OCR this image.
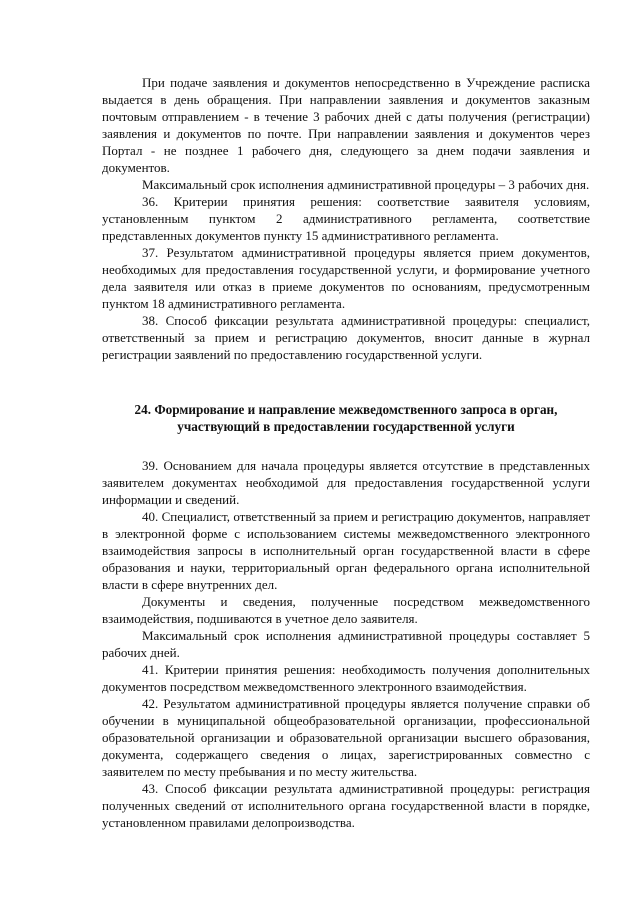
При подаче заявления и документов непосредственно в Учреждение расписка выдается в день обращения. При направлении заявления и документов заказным почтовым отправлением - в течение 3 рабочих дней с даты получения (регистрации) заявления и документов по почте. При направлении заявления и документов через Портал - не позднее 1 рабочего дня, следующего за днем подачи заявления и документов.

Максимальный срок исполнения административной процедуры – 3 рабочих дня.

36. Критерии принятия решения: соответствие заявителя условиям, установленным пунктом 2 административного регламента, соответствие представленных документов пункту 15 административного регламента.

37. Результатом административной процедуры является прием документов, необходимых для предоставления государственной услуги, и формирование учетного дела заявителя или отказ в приеме документов по основаниям, предусмотренным пунктом 18 административного регламента.

38. Способ фиксации результата административной процедуры: специалист, ответственный за прием и регистрацию документов, вносит данные в журнал регистрации заявлений по предоставлению государственной услуги.

24. Формирование и направление межведомственного запроса в орган,
участвующий в предоставлении государственной услуги

39. Основанием для начала процедуры является отсутствие в представленных заявителем документах необходимой для предоставления государственной услуги информации и сведений.

40. Специалист, ответственный за прием и регистрацию документов, направляет в электронной форме с использованием системы межведомственного электронного взаимодействия запросы в исполнительный орган государственной власти в сфере образования и науки, территориальный орган федерального органа исполнительной власти в сфере внутренних дел.

Документы и сведения, полученные посредством межведомственного взаимодействия, подшиваются в учетное дело заявителя.

Максимальный срок исполнения административной процедуры составляет 5 рабочих дней.

41. Критерии принятия решения: необходимость получения дополнительных документов посредством межведомственного электронного взаимодействия.

42. Результатом административной процедуры является получение справки об обучении в муниципальной общеобразовательной организации, профессиональной образовательной организации и образовательной организации высшего образования, документа, содержащего сведения о лицах, зарегистрированных совместно с заявителем по месту пребывания и по месту жительства.

43. Способ фиксации результата административной процедуры: регистрация полученных сведений от исполнительного органа государственной власти в порядке, установленном правилами делопроизводства.
